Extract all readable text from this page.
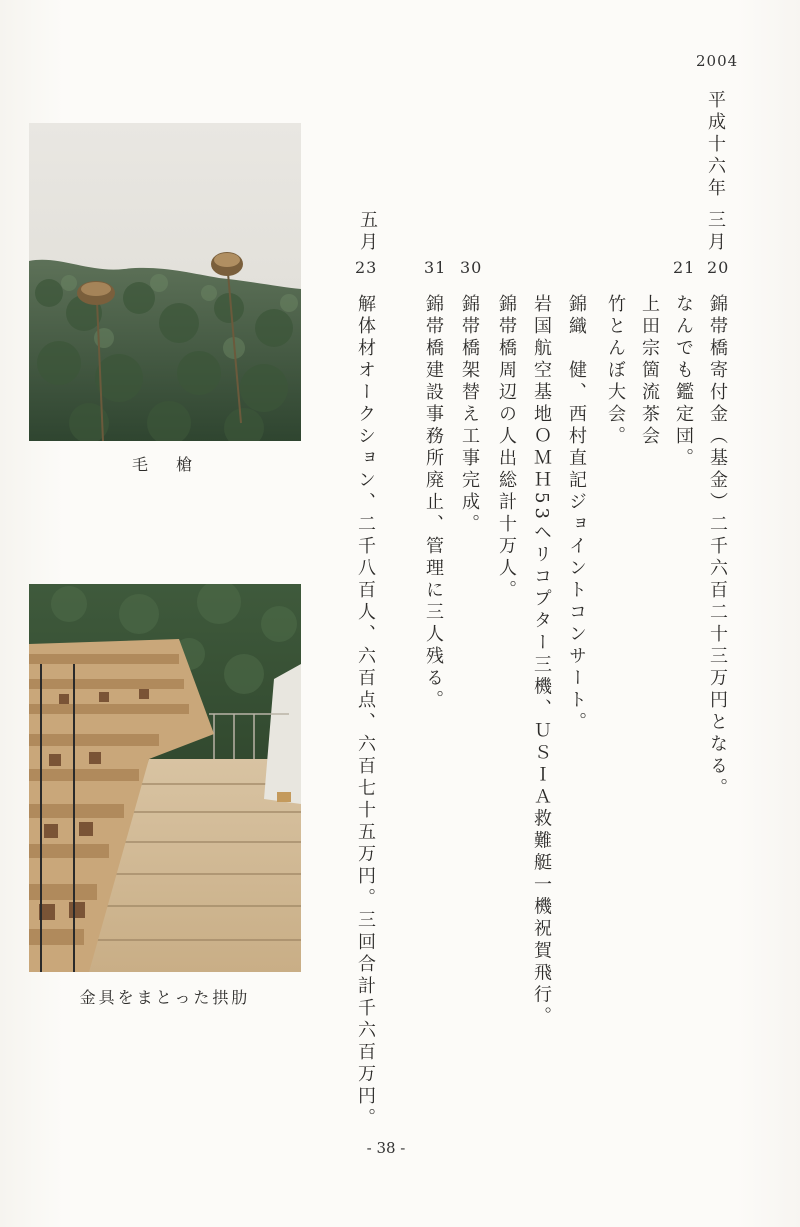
2004
平成十六年
三月
20
21
30
31
五月
23
錦帯橋寄付金（基金）二千六百二十三万円となる。
なんでも鑑定団。
上田宗箇流茶会
竹とんぼ大会。
錦織　健、西村直記ジョイントコンサート。
岩国航空基地ＯＭＨ53ヘリコプター三機、ＵＳＩＡ救難艇一機祝賀飛行。
錦帯橋周辺の人出総計十万人。
錦帯橋架替え工事完成。
錦帯橋建設事務所廃止、管理に三人残る。
解体材オークション、二千八百人、六百点、六百七十五万円。三回合計千六百万円。
毛　槍
金具をまとった拱肋
- 38 -
